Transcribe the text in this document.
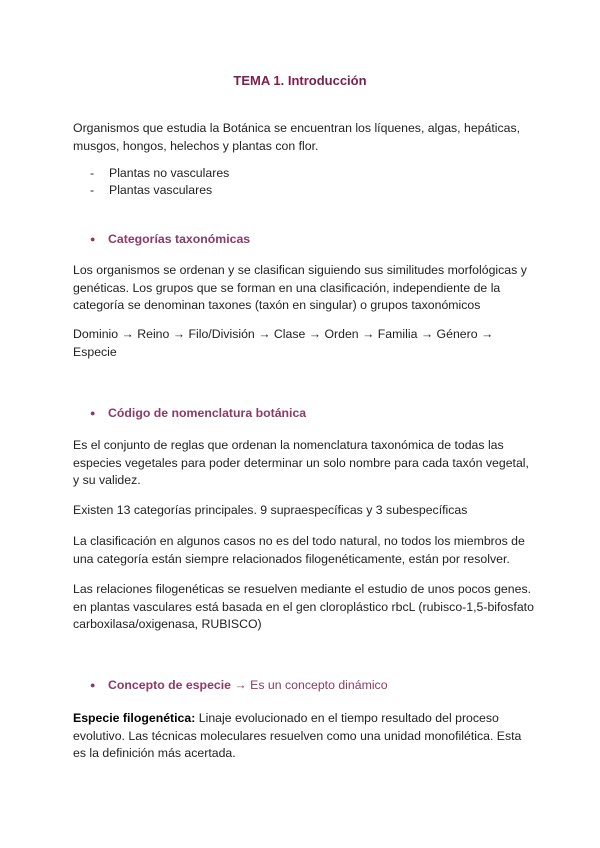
TEMA 1. Introducción
Organismos que estudia la Botánica se encuentran los líquenes, algas, hepáticas, musgos, hongos, helechos y plantas con flor.
- Plantas no vasculares
- Plantas vasculares
● Categorías taxonómicas
Los organismos se ordenan y se clasifican siguiendo sus similitudes morfológicas y genéticas. Los grupos que se forman en una clasificación, independiente de la categoría se denominan taxones (taxón en singular) o grupos taxonómicos
Dominio → Reino → Filo/División → Clase → Orden → Familia → Género → Especie
● Código de nomenclatura botánica
Es el conjunto de reglas que ordenan la nomenclatura taxonómica de todas las especies vegetales para poder determinar un solo nombre para cada taxón vegetal, y su validez.
Existen 13 categorías principales. 9 supraespecíficas y 3 subespecíficas
La clasificación en algunos casos no es del todo natural, no todos los miembros de una categoría están siempre relacionados filogenéticamente, están por resolver.
Las relaciones filogenéticas se resuelven mediante el estudio de unos pocos genes. en plantas vasculares está basada en el gen cloroplástico rbcL (rubisco-1,5-bifosfato carboxilasa/oxigenasa, RUBISCO)
● Concepto de especie → Es un concepto dinámico
Especie filogenética: Linaje evolucionado en el tiempo resultado del proceso evolutivo. Las técnicas moleculares resuelven como una unidad monofilética. Esta es la definición más acertada.
